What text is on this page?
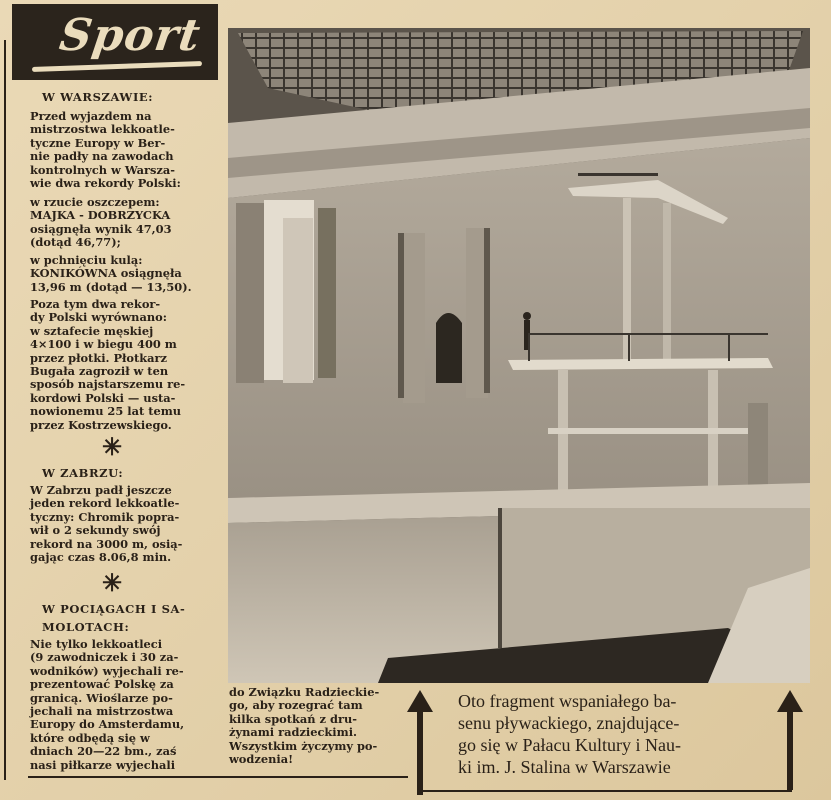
Sport
W WARSZAWIE:
Przed wyjazdem na
mistrzostwa lekkoatle-
tyczne Europy w Ber-
nie padły na zawodach
kontrolnych w Warsza-
wie dwa rekordy Polski:
w rzucie oszczepem:
MAJKA - DOBRZYCKA
osiągnęła wynik 47,03
(dotąd 46,77);
w pchnięciu kulą:
KONIKÓWNA osiągnęła
13,96 m (dotąd — 13,50).
Poza tym dwa rekor-
dy Polski wyrównano:
w sztafecie męskiej
4×100 i w biegu 400 m
przez płotki. Płotkarz
Bugała zagroził w ten
sposób najstarszemu re-
kordowi Polski — usta-
nowionemu 25 lat temu
przez Kostrzewskiego.
✳
W ZABRZU:
W Zabrzu padł jeszcze
jeden rekord lekkoatle-
tyczny: Chromik popra-
wił o 2 sekundy swój
rekord na 3000 m, osią-
gając czas 8.06,8 min.
✳
W POCIĄGACH I SA-
MOLOTACH:
Nie tylko lekkoatleci
(9 zawodniczek i 30 za-
wodników) wyjechali re-
prezentować Polskę za
granicą. Wioślarze po-
jechali na mistrzostwa
Europy do Amsterdamu,
które odbędą się w
dniach 20—22 bm., zaś
nasi piłkarze wyjechali
do Związku Radzieckie-
go, aby rozegrać tam
kilka spotkań z dru-
żynami radzieckimi.
Wszystkim życzymy po-
wodzenia!
Oto fragment wspaniałego ba-
senu pływackiego, znajdujące-
go się w Pałacu Kultury i Nau-
ki im. J. Stalina w Warszawie
